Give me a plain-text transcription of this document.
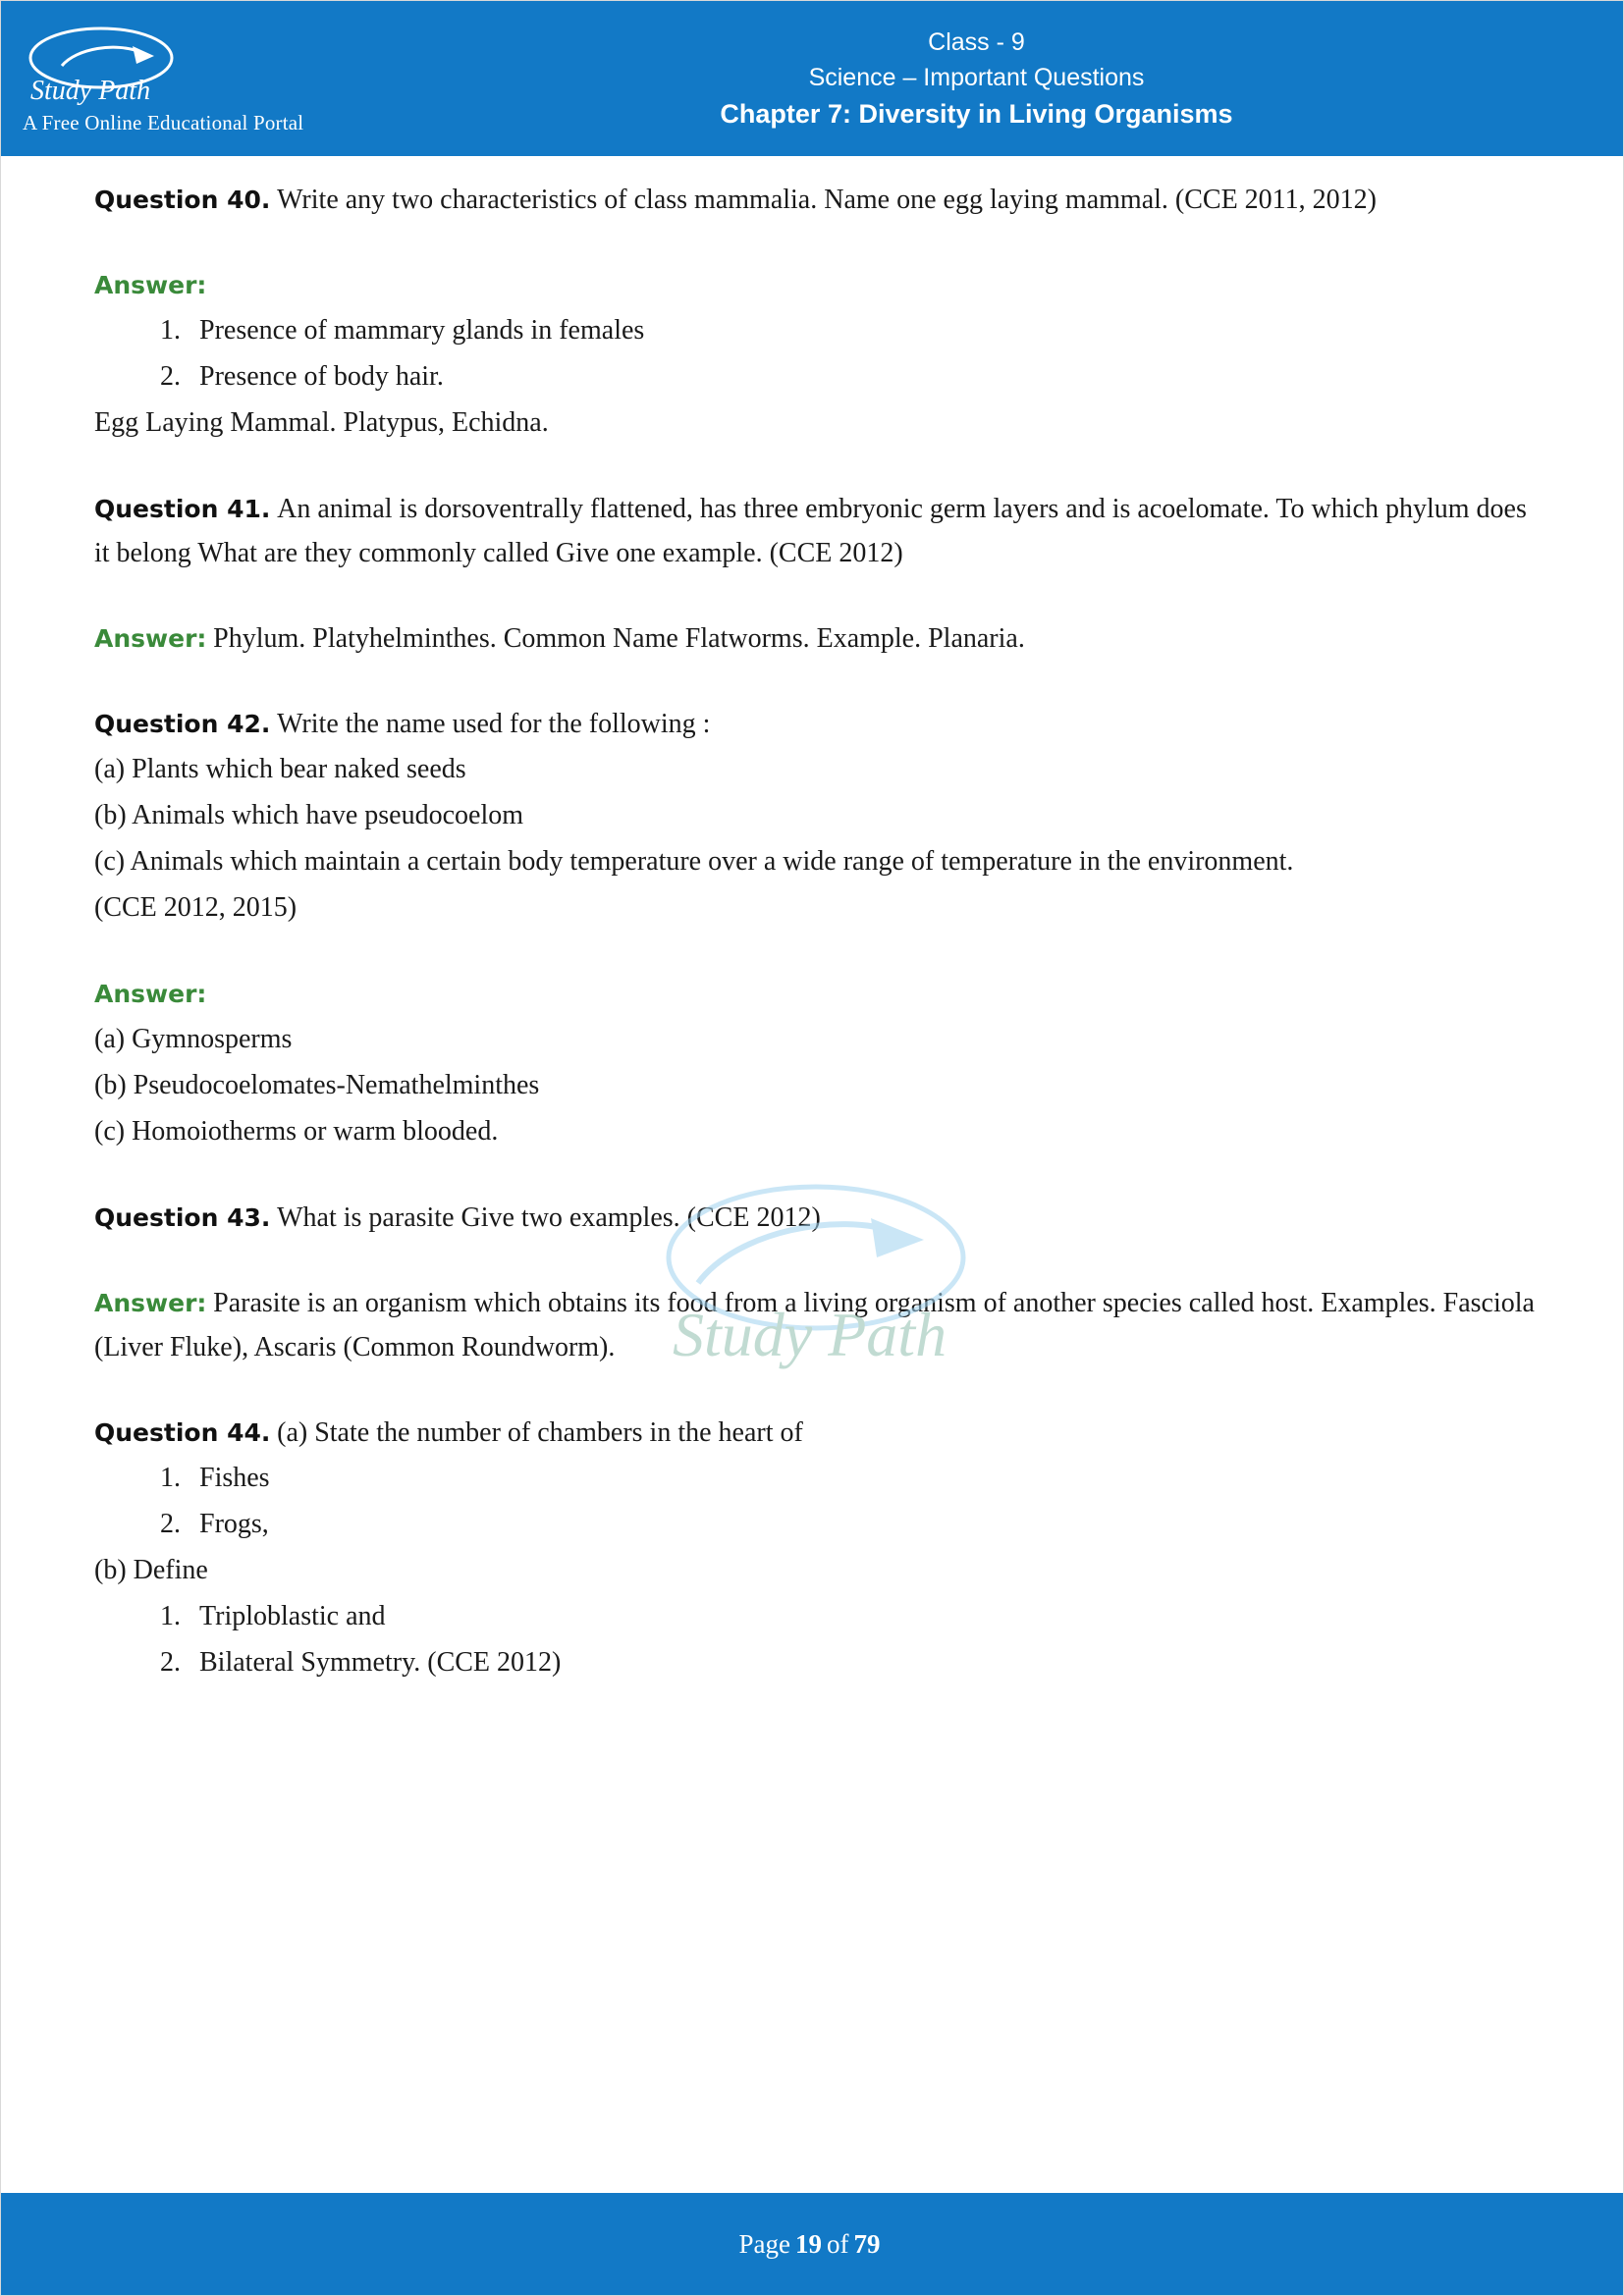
Study Path
A Free Online Educational Portal
Class - 9
Science – Important Questions
Chapter 7: Diversity in Living Organisms
Question 40. Write any two characteristics of class mammalia. Name one egg laying mammal. (CCE 2011, 2012)
Answer:
1. Presence of mammary glands in females
2. Presence of body hair.
Egg Laying Mammal. Platypus, Echidna.
Question 41. An animal is dorsoventrally flattened, has three embryonic germ layers and is acoelomate. To which phylum does it belong What are they commonly called Give one example. (CCE 2012)
Answer: Phylum. Platyhelminthes. Common Name Flatworms. Example. Planaria.
Question 42. Write the name used for the following :
(a) Plants which bear naked seeds
(b) Animals which have pseudocoelom
(c) Animals which maintain a certain body temperature over a wide range of temperature in the environment.
(CCE 2012, 2015)
Answer:
(a) Gymnosperms
(b) Pseudocoelomates-Nemathelminthes
(c) Homoiotherms or warm blooded.
Question 43. What is parasite Give two examples. (CCE 2012)
Answer: Parasite is an organism which obtains its food from a living organism of another species called host. Examples. Fasciola (Liver Fluke), Ascaris (Common Roundworm).
Question 44. (a) State the number of chambers in the heart of
1. Fishes
2. Frogs,
(b) Define
1. Triploblastic and
2. Bilateral Symmetry. (CCE 2012)
Study Path
Page 19 of 79
